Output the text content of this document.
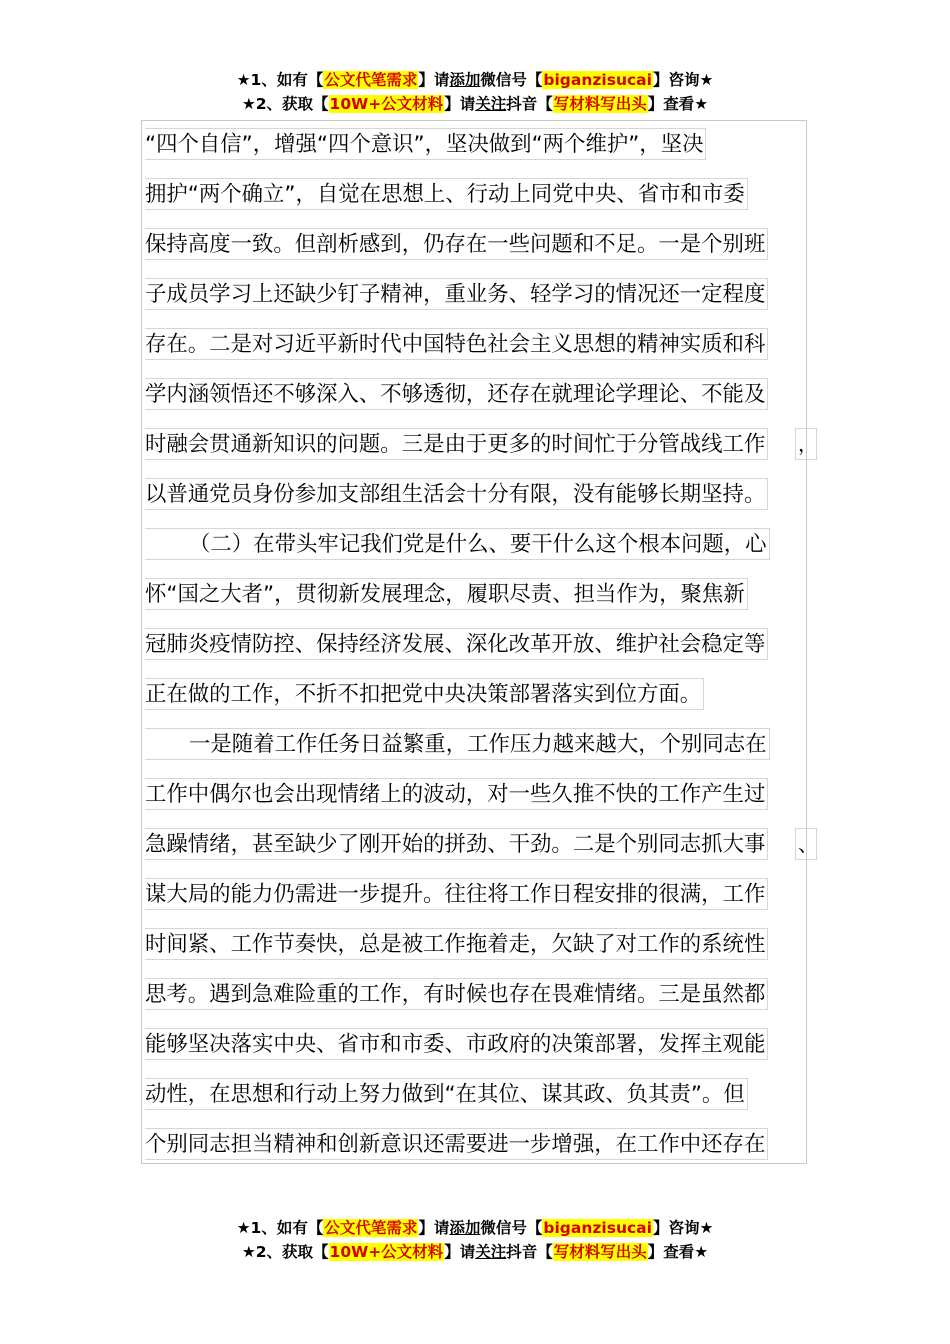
★1、如有【公文代笔需求】请添加微信号【biganzisucai】咨询★
★2、获取【10W+公文材料】请关注抖音【写材料写出头】查看★
“四个自信”，增强“四个意识”，坚决做到“两个维护”，坚决
拥护“两个确立”，自觉在思想上、行动上同党中央、省市和市委
保持高度一致。但剖析感到，仍存在一些问题和不足。一是个别班
子成员学习上还缺少钉子精神，重业务、轻学习的情况还一定程度
存在。二是对习近平新时代中国特色社会主义思想的精神实质和科
学内涵领悟还不够深入、不够透彻，还存在就理论学理论、不能及
时融会贯通新知识的问题。三是由于更多的时间忙于分管战线工作
以普通党员身份参加支部组生活会十分有限，没有能够长期坚持。
（二）在带头牢记我们党是什么、要干什么这个根本问题，心
怀“国之大者”，贯彻新发展理念，履职尽责、担当作为，聚焦新
冠肺炎疫情防控、保持经济发展、深化改革开放、维护社会稳定等
正在做的工作，不折不扣把党中央决策部署落实到位方面。
一是随着工作任务日益繁重，工作压力越来越大，个别同志在
工作中偶尔也会出现情绪上的波动，对一些久推不快的工作产生过
急躁情绪，甚至缺少了刚开始的拼劲、干劲。二是个别同志抓大事
谋大局的能力仍需进一步提升。往往将工作日程安排的很满，工作
时间紧、工作节奏快，总是被工作拖着走，欠缺了对工作的系统性
思考。遇到急难险重的工作，有时候也存在畏难情绪。三是虽然都
能够坚决落实中央、省市和市委、市政府的决策部署，发挥主观能
动性，在思想和行动上努力做到“在其位、谋其政、负其责”。但
个别同志担当精神和创新意识还需要进一步增强，在工作中还存在
，
、
★1、如有【公文代笔需求】请添加微信号【biganzisucai】咨询★
★2、获取【10W+公文材料】请关注抖音【写材料写出头】查看★
